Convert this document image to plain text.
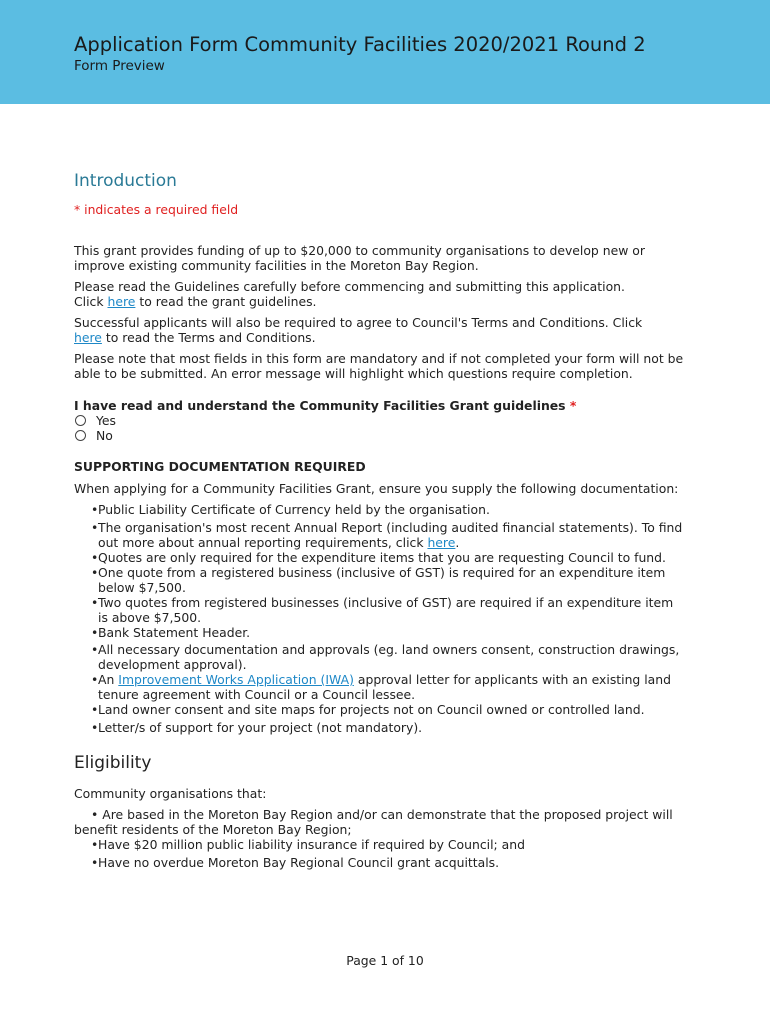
Application Form Community Facilities 2020/2021 Round 2
Form Preview
Introduction

* indicates a required field

This grant provides funding of up to $20,000 to community organisations to develop new or improve existing community facilities in the Moreton Bay Region.

Please read the Guidelines carefully before commencing and submitting this application.
Click here to read the grant guidelines.

Successful applicants will also be required to agree to Council's Terms and Conditions. Click
here to read the Terms and Conditions.

Please note that most fields in this form are mandatory and if not completed your form will not be able to be submitted. An error message will highlight which questions require completion.

I have read and understand the Community Facilities Grant guidelines *

Yes
No

SUPPORTING DOCUMENTATION REQUIRED

When applying for a Community Facilities Grant, ensure you supply the following documentation:

• Public Liability Certificate of Currency held by the organisation.
• The organisation's most recent Annual Report (including audited financial statements). To find out more about annual reporting requirements, click here.
• Quotes are only required for the expenditure items that you are requesting Council to fund.
• One quote from a registered business (inclusive of GST) is required for an expenditure item below $7,500.
• Two quotes from registered businesses (inclusive of GST) are required if an expenditure item is above $7,500.
• Bank Statement Header.
• All necessary documentation and approvals (eg. land owners consent, construction drawings, development approval).
• An Improvement Works Application (IWA) approval letter for applicants with an existing land tenure agreement with Council or a Council lessee.
• Land owner consent and site maps for projects not on Council owned or controlled land.
• Letter/s of support for your project (not mandatory).
Eligibility

Community organisations that:

• Are based in the Moreton Bay Region and/or can demonstrate that the proposed project will benefit residents of the Moreton Bay Region;
• Have $20 million public liability insurance if required by Council; and
• Have no overdue Moreton Bay Regional Council grant acquittals.
Page 1 of 10
